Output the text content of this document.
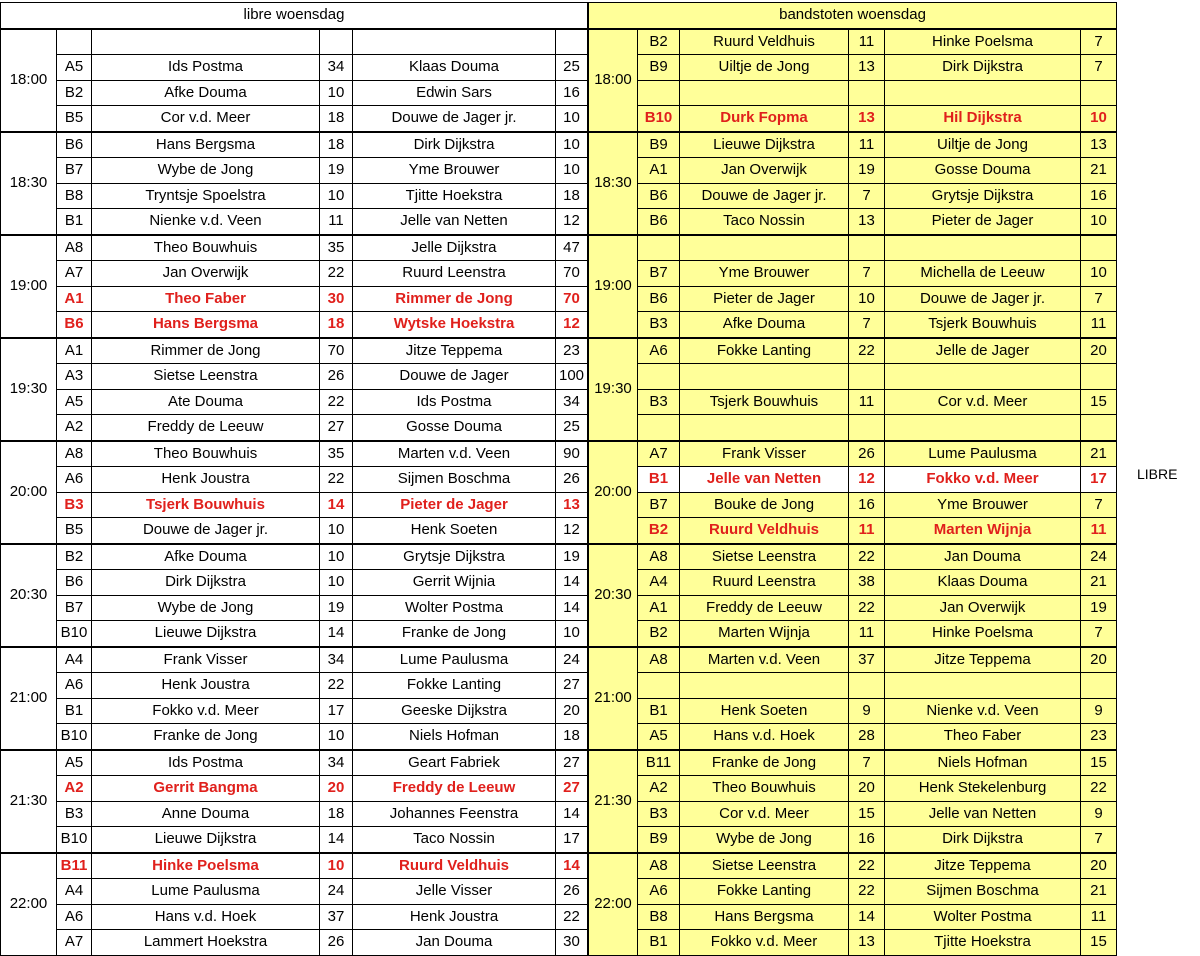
libre woensdag					
18:00					
	A5	Ids Postma	34	Klaas Douma	25
	B2	Afke Douma	10	Edwin Sars	16
	B5	Cor v.d. Meer	18	Douwe de Jager jr.	10
18:30	B6	Hans Bergsma	18	Dirk Dijkstra	10
	B7	Wybe de Jong	19	Yme Brouwer	10
	B8	Tryntsje Spoelstra	10	Tjitte Hoekstra	18
	B1	Nienke v.d. Veen	11	Jelle van Netten	12
19:00	A8	Theo Bouwhuis	35	Jelle Dijkstra	47
	A7	Jan Overwijk	22	Ruurd Leenstra	70
	A1	Theo Faber	30	Rimmer de Jong	70
	B6	Hans Bergsma	18	Wytske Hoekstra	12
19:30	A1	Rimmer de Jong	70	Jitze Teppema	23
	A3	Sietse Leenstra	26	Douwe de Jager	100
	A5	Ate Douma	22	Ids Postma	34
	A2	Freddy de Leeuw	27	Gosse Douma	25
20:00	A8	Theo Bouwhuis	35	Marten v.d. Veen	90
	A6	Henk Joustra	22	Sijmen Boschma	26
	B3	Tsjerk Bouwhuis	14	Pieter de Jager	13
	B5	Douwe de Jager jr.	10	Henk Soeten	12
20:30	B2	Afke Douma	10	Grytsje Dijkstra	19
	B6	Dirk Dijkstra	10	Gerrit Wijnia	14
	B7	Wybe de Jong	19	Wolter Postma	14
	B10	Lieuwe Dijkstra	14	Franke de Jong	10
21:00	A4	Frank Visser	34	Lume Paulusma	24
	A6	Henk Joustra	22	Fokke Lanting	27
	B1	Fokko v.d. Meer	17	Geeske Dijkstra	20
	B10	Franke de Jong	10	Niels Hofman	18
21:30	A5	Ids Postma	34	Geart Fabriek	27
	A2	Gerrit Bangma	20	Freddy de Leeuw	27
	B3	Anne Douma	18	Johannes Feenstra	14
	B10	Lieuwe Dijkstra	14	Taco Nossin	17
22:00	B11	Hinke Poelsma	10	Ruurd Veldhuis	14
	A4	Lume Paulusma	24	Jelle Visser	26
	A6	Hans v.d. Hoek	37	Henk Joustra	22
	A7	Lammert Hoekstra	26	Jan Douma	30
bandstoten woensdag					
18:00	B2	Ruurd Veldhuis	11	Hinke Poelsma	7
	B9	Uiltje de Jong	13	Dirk Dijkstra	7

	B10	Durk Fopma	13	Hil Dijkstra	10
18:30	B9	Lieuwe Dijkstra	11	Uiltje de Jong	13
	A1	Jan Overwijk	19	Gosse Douma	21
	B6	Douwe de Jager jr.	7	Grytsje Dijkstra	16
	B6	Taco Nossin	13	Pieter de Jager	10
19:00					
	B7	Yme Brouwer	7	Michella de Leeuw	10
	B6	Pieter de Jager	10	Douwe de Jager jr.	7
	B3	Afke Douma	7	Tsjerk Bouwhuis	11
19:30	A6	Fokke Lanting	22	Jelle de Jager	20

	B3	Tsjerk Bouwhuis	11	Cor v.d. Meer	15

20:00	A7	Frank Visser	26	Lume Paulusma	21
	B1	Jelle van Netten	12	Fokko v.d. Meer	17
	B7	Bouke de Jong	16	Yme Brouwer	7
	B2	Ruurd Veldhuis	11	Marten Wijnja	11
20:30	A8	Sietse Leenstra	22	Jan Douma	24
	A4	Ruurd Leenstra	38	Klaas Douma	21
	A1	Freddy de Leeuw	22	Jan Overwijk	19
	B2	Marten Wijnja	11	Hinke Poelsma	7
21:00	A8	Marten v.d. Veen	37	Jitze Teppema	20

	B1	Henk Soeten	9	Nienke v.d. Veen	9
	A5	Hans v.d. Hoek	28	Theo Faber	23
21:30	B11	Franke de Jong	7	Niels Hofman	15
	A2	Theo Bouwhuis	20	Henk Stekelenburg	22
	B3	Cor v.d. Meer	15	Jelle van Netten	9
	B9	Wybe de Jong	16	Dirk Dijkstra	7
22:00	A8	Sietse Leenstra	22	Jitze Teppema	20
	A6	Fokke Lanting	22	Sijmen Boschma	21
	B8	Hans Bergsma	14	Wolter Postma	11
	B1	Fokko v.d. Meer	13	Tjitte Hoekstra	15
LIBRE
